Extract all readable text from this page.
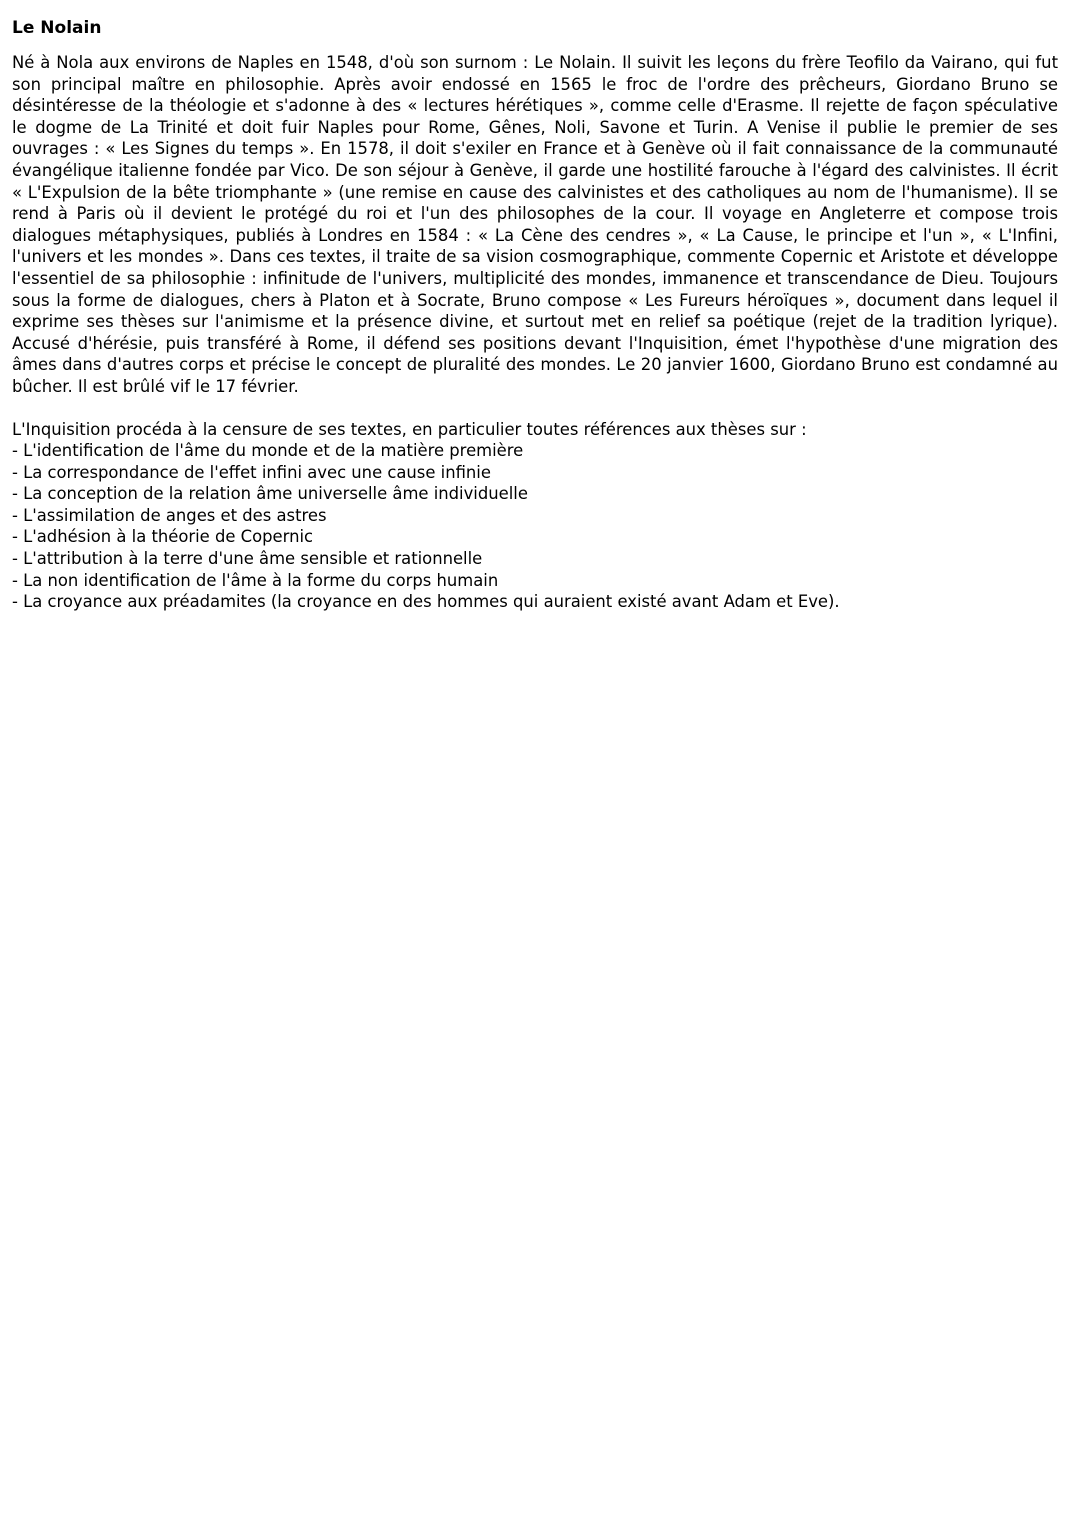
Le Nolain

Né à Nola aux environs de Naples en 1548, d'où son surnom : Le Nolain. Il suivit les leçons du frère Teofilo da Vairano, qui fut son principal maître en philosophie. Après avoir endossé en 1565 le froc de l'ordre des prêcheurs, Giordano Bruno se désintéresse de la théologie et s'adonne à des « lectures hérétiques », comme celle d'Erasme. Il rejette de façon spéculative le dogme de La Trinité et doit fuir Naples pour Rome, Gênes, Noli, Savone et Turin. A Venise il publie le premier de ses ouvrages : « Les Signes du temps ». En 1578, il doit s'exiler en France et à Genève où il fait connaissance de la communauté évangélique italienne fondée par Vico. De son séjour à Genève, il garde une hostilité farouche à l'égard des calvinistes. Il écrit « L'Expulsion de la bête triomphante » (une remise en cause des calvinistes et des catholiques au nom de l'humanisme). Il se rend à Paris où il devient le protégé du roi et l'un des philosophes de la cour. Il voyage en Angleterre et compose trois dialogues métaphysiques, publiés à Londres en 1584 : « La Cène des cendres », « La Cause, le principe et l'un », « L'Infini, l'univers et les mondes ». Dans ces textes, il traite de sa vision cosmographique, commente Copernic et Aristote et développe l'essentiel de sa philosophie : infinitude de l'univers, multiplicité des mondes, immanence et transcendance de Dieu. Toujours sous la forme de dialogues, chers à Platon et à Socrate, Bruno compose « Les Fureurs héroïques », document dans lequel il exprime ses thèses sur l'animisme et la présence divine, et surtout met en relief sa poétique (rejet de la tradition lyrique). Accusé d'hérésie, puis transféré à Rome, il défend ses positions devant l'Inquisition, émet l'hypothèse d'une migration des âmes dans d'autres corps et précise le concept de pluralité des mondes. Le 20 janvier 1600, Giordano Bruno est condamné au bûcher. Il est brûlé vif le 17 février.

L'Inquisition procéda à la censure de ses textes, en particulier toutes références aux thèses sur :

- L'identification de l'âme du monde et de la matière première
- La correspondance de l'effet infini avec une cause infinie
- La conception de la relation âme universelle âme individuelle
- L'assimilation de anges et des astres
- L'adhésion à la théorie de Copernic
- L'attribution à la terre d'une âme sensible et rationnelle
- La non identification de l'âme à la forme du corps humain
- La croyance aux préadamites (la croyance en des hommes qui auraient existé avant Adam et Eve).
